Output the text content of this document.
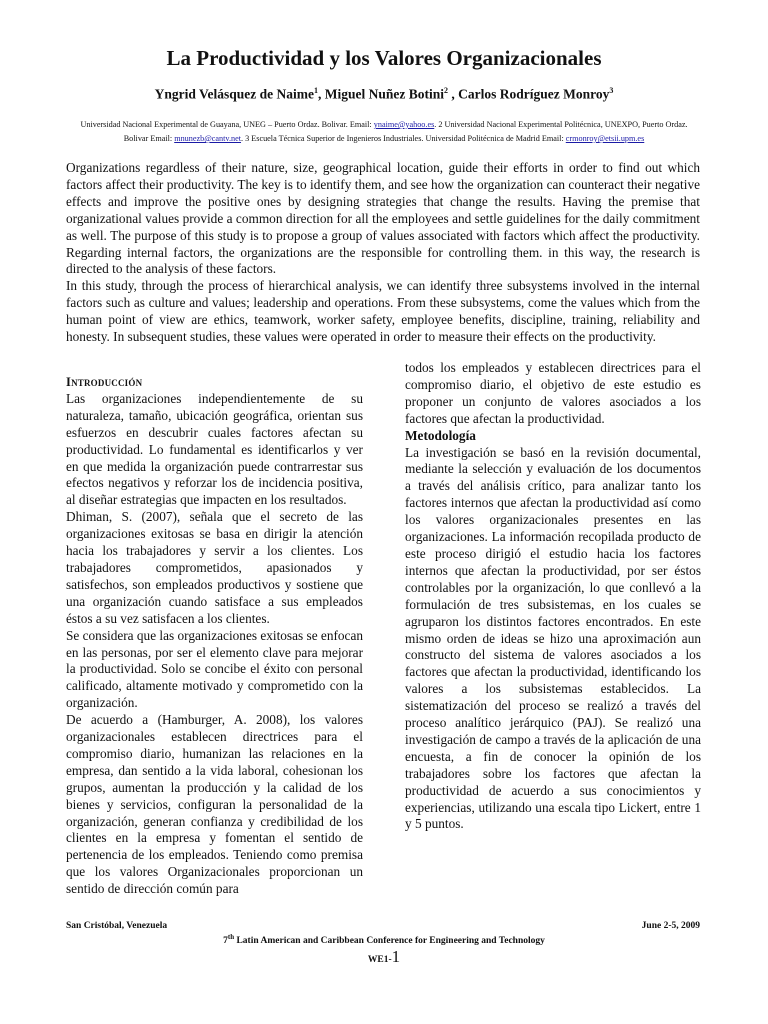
La Productividad y los Valores Organizacionales

Yngrid Velásquez de Naime$^1$, Miguel Nuñez Botini$^2$ , Carlos Rodríguez Monroy$^3$

Universidad Nacional Experimental de Guayana, UNEG – Puerto Ordaz. Bolivar. Email: ynaime@yahoo.es. 2 Universidad Nacional Experimental Politécnica, UNEXPO, Puerto Ordaz.

Bolivar Email: mnunezb@cantv.net. 3 Escuela Técnica Superior de Ingenieros Industriales. Universidad Politécnica de Madrid Email: crmonroy@etsii.upm.es

Organizations regardless of their nature, size, geographical location, guide their efforts in order to find out which factors affect their productivity. The key is to identify them, and see how the organization can counteract their negative effects and improve the positive ones by designing strategies that change the results. Having the premise that organizational values provide a common direction for all the employees and settle guidelines for the daily commitment as well. The purpose of this study is to propose a group of values associated with factors which affect the productivity. Regarding internal factors, the organizations are the responsible for controlling them. in this way, the research is directed to the analysis of these factors.

In this study, through the process of hierarchical analysis, we can identify three subsystems involved in the internal factors such as culture and values; leadership and operations. From these subsystems, come the values which from the human point of view are ethics, teamwork, worker safety, employee benefits, discipline, training, reliability and honesty. In subsequent studies, these values were operated in order to measure their effects on the productivity.

Introducción

Las organizaciones independientemente de su naturaleza, tamaño, ubicación geográfica, orientan sus esfuerzos en descubrir cuales factores afectan su productividad. Lo fundamental es identificarlos y ver en que medida la organización puede contrarrestar sus efectos negativos y reforzar los de incidencia positiva, al diseñar estrategias que impacten en los resultados.

Dhiman, S. (2007), señala que el secreto de las organizaciones exitosas se basa en dirigir la atención hacia los trabajadores y servir a los clientes. Los trabajadores comprometidos, apasionados y satisfechos, son empleados productivos y sostiene que una organización cuando satisface a sus empleados éstos a su vez satisfacen a los clientes.

Se considera que las organizaciones exitosas se enfocan en las personas, por ser el elemento clave para mejorar la productividad. Solo se concibe el éxito con personal calificado, altamente motivado y comprometido con la organización.

De acuerdo a (Hamburger, A. 2008), los valores organizacionales establecen directrices para el compromiso diario, humanizan las relaciones en la empresa, dan sentido a la vida laboral, cohesionan los grupos, aumentan la producción y la calidad de los bienes y servicios, configuran la personalidad de la organización, generan confianza y credibilidad de los clientes en la empresa y fomentan el sentido de pertenencia de los empleados. Teniendo como premisa que los valores Organizacionales proporcionan un sentido de dirección común para

todos los empleados y establecen directrices para el compromiso diario, el objetivo de este estudio es proponer un conjunto de valores asociados a los factores que afectan la productividad.

Metodología

La investigación se basó en la revisión documental, mediante la selección y evaluación de los documentos a través del análisis crítico, para analizar tanto los factores internos que afectan la productividad así como los valores organizacionales presentes en las organizaciones. La información recopilada producto de este proceso dirigió el estudio hacia los factores internos que afectan la productividad, por ser éstos controlables por la organización, lo que conllevó a la formulación de tres subsistemas, en los cuales se agruparon los distintos factores encontrados. En este mismo orden de ideas se hizo una aproximación aun constructo del sistema de valores asociados a los factores que afectan la productividad, identificando los valores a los subsistemas establecidos. La sistematización del proceso se realizó a través del proceso analítico jerárquico (PAJ). Se realizó una investigación de campo a través de la aplicación de una encuesta, a fin de conocer la opinión de los trabajadores sobre los factores que afectan la productividad de acuerdo a sus conocimientos y experiencias, utilizando una escala tipo Lickert, entre 1 y 5 puntos.

San Cristóbal, Venezuela	June 2-5, 2009

7th Latin American and Caribbean Conference for Engineering and Technology

WE1-1
